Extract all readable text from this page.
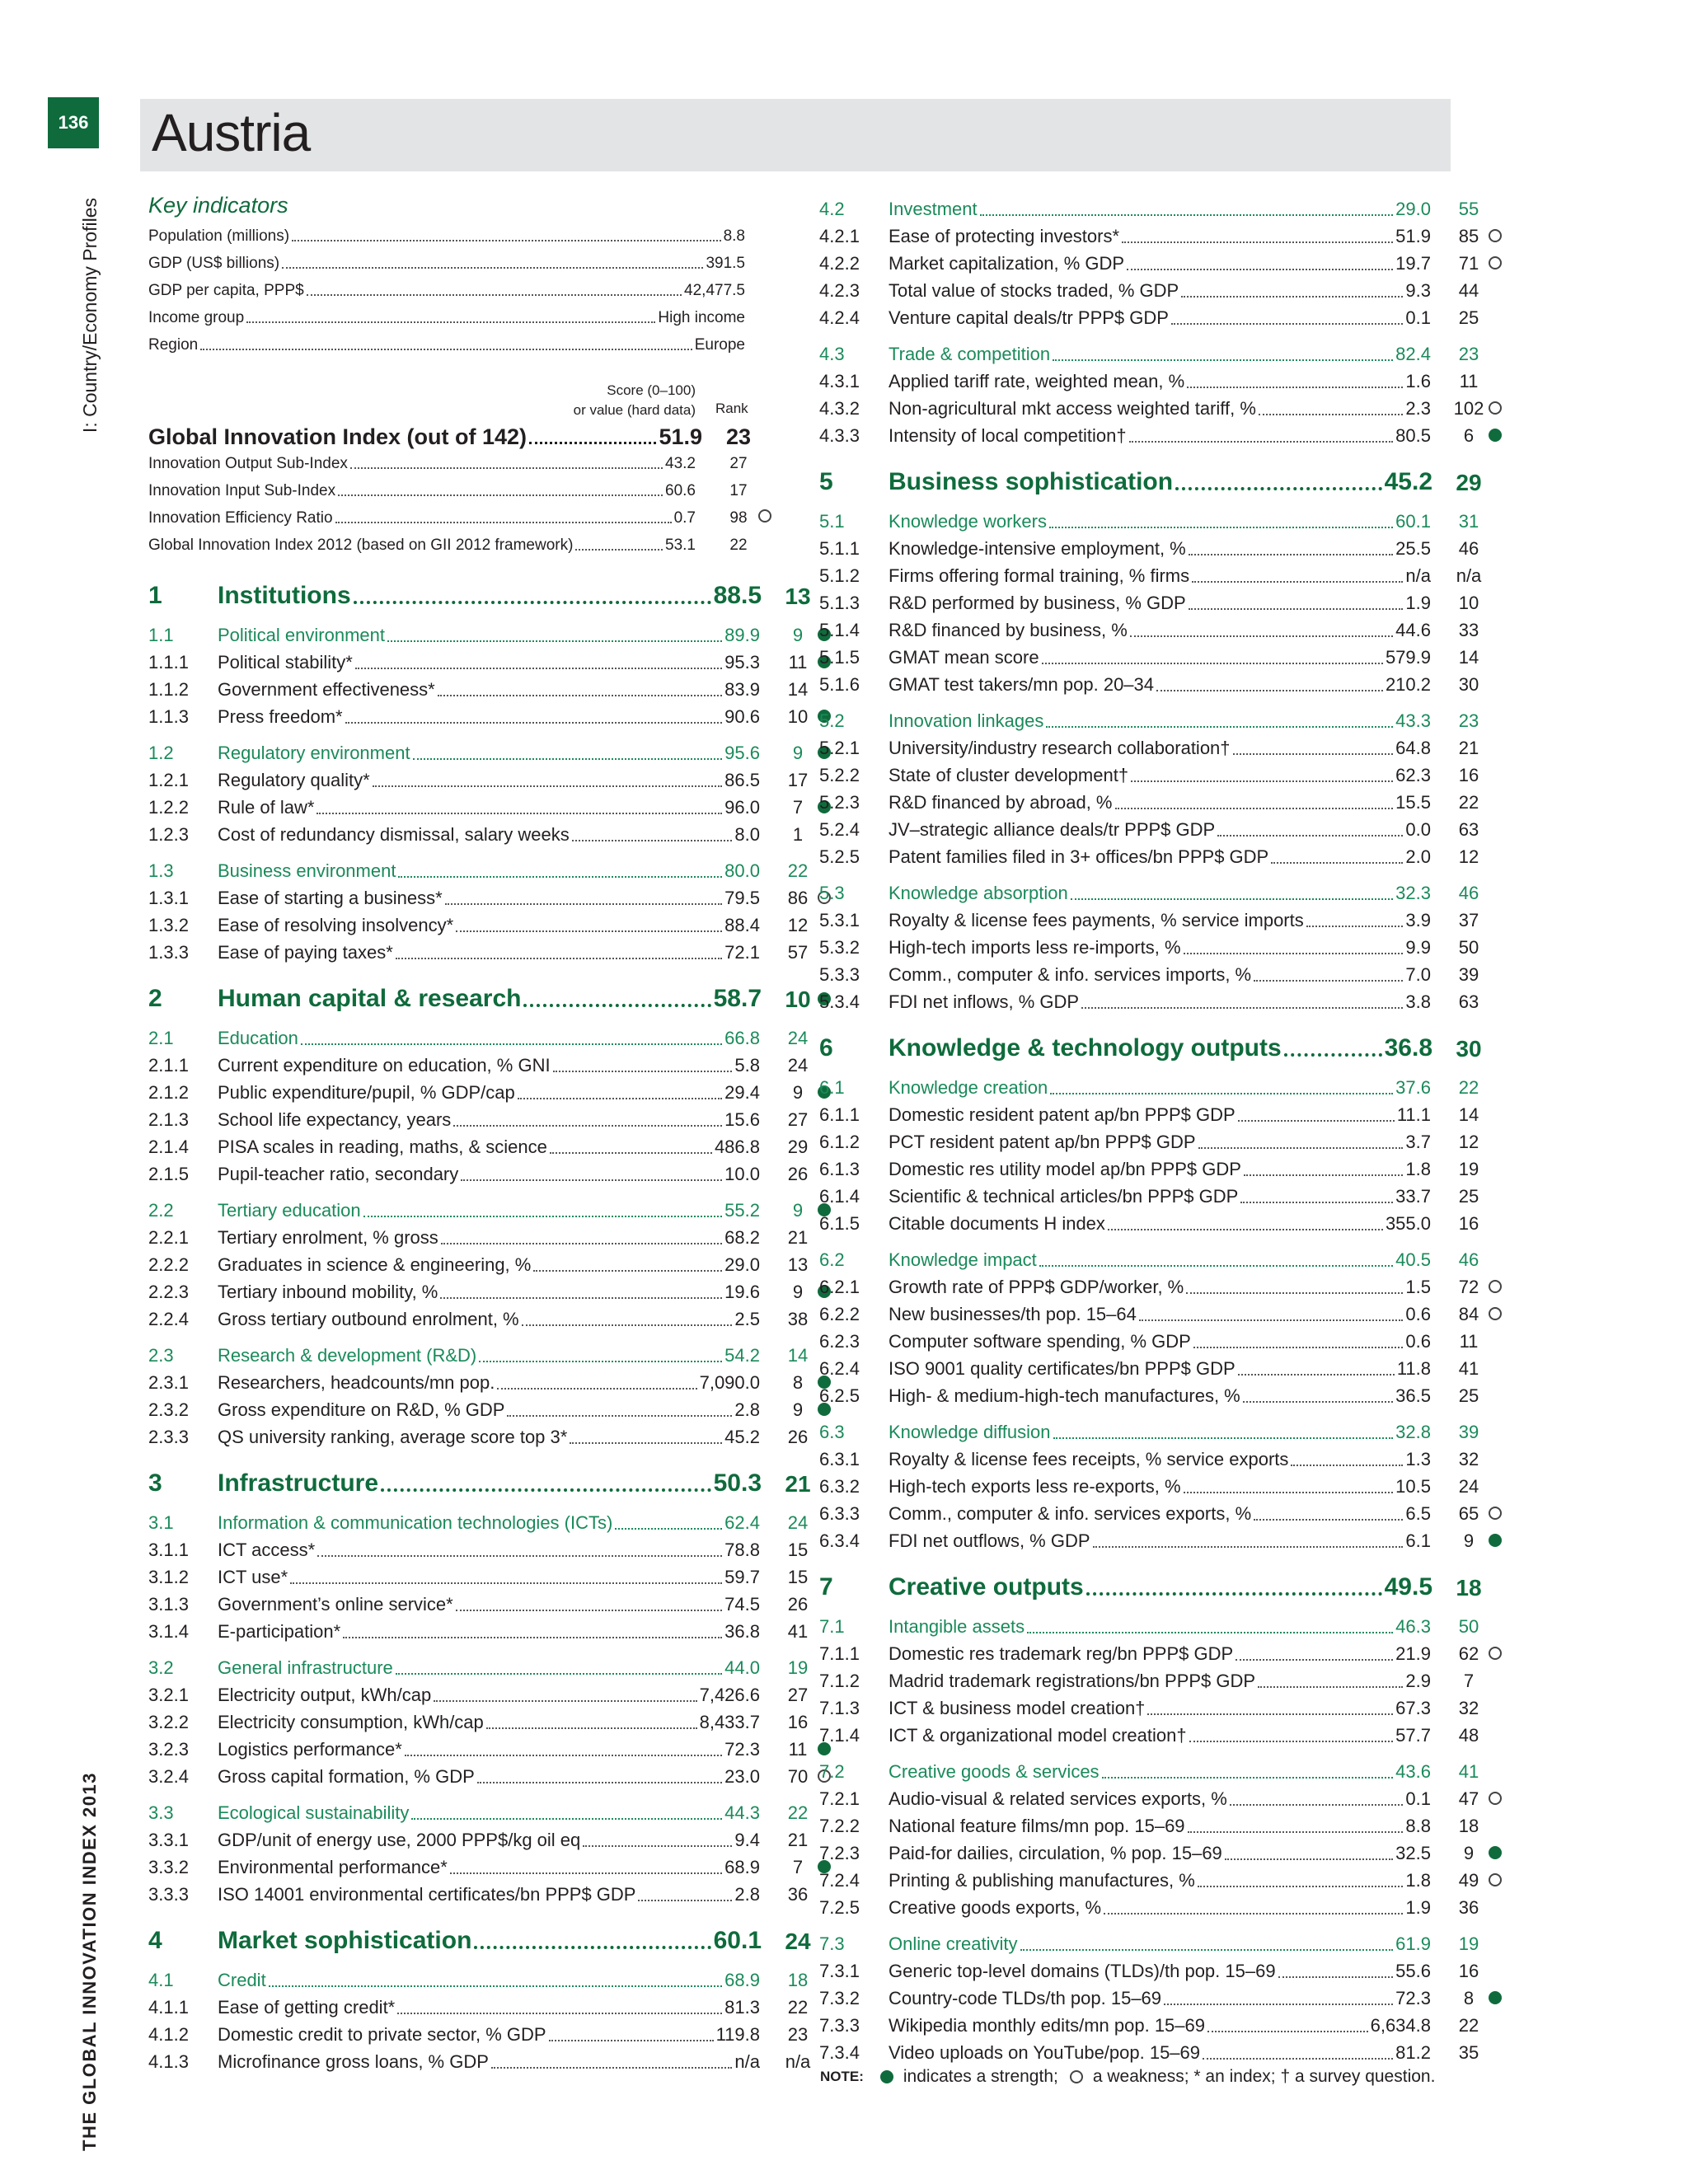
136 Austria
I: Country/Economy Profiles
THE GLOBAL INNOVATION INDEX 2013
Key indicators
Population (millions)	8.8
GDP (US$ billions)	391.5
GDP per capita, PPP$	42,477.5
Income group	High income
Region	Europe
Score (0–100)
or value (hard data) Rank
Global Innovation Index (out of 142)	51.9	23
Innovation Output Sub-Index	43.2	27
Innovation Input Sub-Index	60.6	17
Innovation Efficiency Ratio	0.7	98
Global Innovation Index 2012 (based on GII 2012 framework)	53.1	22
1 Institutions	88.5	13
1.1 Political environment	89.9	9
1.1.1 Political stability*	95.3	11
1.1.2 Government effectiveness*	83.9	14
1.1.3 Press freedom*	90.6	10
1.2 Regulatory environment	95.6	9
1.2.1 Regulatory quality*	86.5	17
1.2.2 Rule of law*	96.0	7
1.2.3 Cost of redundancy dismissal, salary weeks	8.0	1
1.3 Business environment	80.0	22
1.3.1 Ease of starting a business*	79.5	86
1.3.2 Ease of resolving insolvency*	88.4	12
1.3.3 Ease of paying taxes*	72.1	57
2 Human capital & research	58.7	10
2.1 Education	66.8	24
2.1.1 Current expenditure on education, % GNI	5.8	24
2.1.2 Public expenditure/pupil, % GDP/cap	29.4	9
2.1.3 School life expectancy, years	15.6	27
2.1.4 PISA scales in reading, maths, & science	486.8	29
2.1.5 Pupil-teacher ratio, secondary	10.0	26
2.2 Tertiary education	55.2	9
2.2.1 Tertiary enrolment, % gross	68.2	21
2.2.2 Graduates in science & engineering, %	29.0	13
2.2.3 Tertiary inbound mobility, %	19.6	9
2.2.4 Gross tertiary outbound enrolment, %	2.5	38
2.3 Research & development (R&D)	54.2	14
2.3.1 Researchers, headcounts/mn pop.	7,090.0	8
2.3.2 Gross expenditure on R&D, % GDP	2.8	9
2.3.3 QS university ranking, average score top 3*	45.2	26
3 Infrastructure	50.3	21
3.1 Information & communication technologies (ICTs)	62.4	24
3.1.1 ICT access*	78.8	15
3.1.2 ICT use*	59.7	15
3.1.3 Government’s online service*	74.5	26
3.1.4 E-participation*	36.8	41
3.2 General infrastructure	44.0	19
3.2.1 Electricity output, kWh/cap	7,426.6	27
3.2.2 Electricity consumption, kWh/cap	8,433.7	16
3.2.3 Logistics performance*	72.3	11
3.2.4 Gross capital formation, % GDP	23.0	70
3.3 Ecological sustainability	44.3	22
3.3.1 GDP/unit of energy use, 2000 PPP$/kg oil eq	9.4	21
3.3.2 Environmental performance*	68.9	7
3.3.3 ISO 14001 environmental certificates/bn PPP$ GDP	2.8	36
4 Market sophistication	60.1	24
4.1 Credit	68.9	18
4.1.1 Ease of getting credit*	81.3	22
4.1.2 Domestic credit to private sector, % GDP	119.8	23
4.1.3 Microfinance gross loans, % GDP	n/a	n/a
4.2 Investment	29.0	55
4.2.1 Ease of protecting investors*	51.9	85
4.2.2 Market capitalization, % GDP	19.7	71
4.2.3 Total value of stocks traded, % GDP	9.3	44
4.2.4 Venture capital deals/tr PPP$ GDP	0.1	25
4.3 Trade & competition	82.4	23
4.3.1 Applied tariff rate, weighted mean, %	1.6	11
4.3.2 Non-agricultural mkt access weighted tariff, %	2.3	102
4.3.3 Intensity of local competition†	80.5	6
5 Business sophistication	45.2	29
5.1 Knowledge workers	60.1	31
5.1.1 Knowledge-intensive employment, %	25.5	46
5.1.2 Firms offering formal training, % firms	n/a	n/a
5.1.3 R&D performed by business, % GDP	1.9	10
5.1.4 R&D financed by business, %	44.6	33
5.1.5 GMAT mean score	579.9	14
5.1.6 GMAT test takers/mn pop. 20–34	210.2	30
5.2 Innovation linkages	43.3	23
5.2.1 University/industry research collaboration†	64.8	21
5.2.2 State of cluster development†	62.3	16
5.2.3 R&D financed by abroad, %	15.5	22
5.2.4 JV–strategic alliance deals/tr PPP$ GDP	0.0	63
5.2.5 Patent families filed in 3+ offices/bn PPP$ GDP	2.0	12
5.3 Knowledge absorption	32.3	46
5.3.1 Royalty & license fees payments, % service imports	3.9	37
5.3.2 High-tech imports less re-imports, %	9.9	50
5.3.3 Comm., computer & info. services imports, %	7.0	39
5.3.4 FDI net inflows, % GDP	3.8	63
6 Knowledge & technology outputs	36.8	30
6.1 Knowledge creation	37.6	22
6.1.1 Domestic resident patent ap/bn PPP$ GDP	11.1	14
6.1.2 PCT resident patent ap/bn PPP$ GDP	3.7	12
6.1.3 Domestic res utility model ap/bn PPP$ GDP	1.8	19
6.1.4 Scientific & technical articles/bn PPP$ GDP	33.7	25
6.1.5 Citable documents H index	355.0	16
6.2 Knowledge impact	40.5	46
6.2.1 Growth rate of PPP$ GDP/worker, %	1.5	72
6.2.2 New businesses/th pop. 15–64	0.6	84
6.2.3 Computer software spending, % GDP	0.6	11
6.2.4 ISO 9001 quality certificates/bn PPP$ GDP	11.8	41
6.2.5 High- & medium-high-tech manufactures, %	36.5	25
6.3 Knowledge diffusion	32.8	39
6.3.1 Royalty & license fees receipts, % service exports	1.3	32
6.3.2 High-tech exports less re-exports, %	10.5	24
6.3.3 Comm., computer & info. services exports, %	6.5	65
6.3.4 FDI net outflows, % GDP	6.1	9
7 Creative outputs	49.5	18
7.1 Intangible assets	46.3	50
7.1.1 Domestic res trademark reg/bn PPP$ GDP	21.9	62
7.1.2 Madrid trademark registrations/bn PPP$ GDP	2.9	7
7.1.3 ICT & business model creation†	67.3	32
7.1.4 ICT & organizational model creation†	57.7	48
7.2 Creative goods & services	43.6	41
7.2.1 Audio-visual & related services exports, %	0.1	47
7.2.2 National feature films/mn pop. 15–69	8.8	18
7.2.3 Paid-for dailies, circulation, % pop. 15–69	32.5	9
7.2.4 Printing & publishing manufactures, %	1.8	49
7.2.5 Creative goods exports, %	1.9	36
7.3 Online creativity	61.9	19
7.3.1 Generic top-level domains (TLDs)/th pop. 15–69	55.6	16
7.3.2 Country-code TLDs/th pop. 15–69	72.3	8
7.3.3 Wikipedia monthly edits/mn pop. 15–69	6,634.8	22
7.3.4 Video uploads on YouTube/pop. 15–69	81.2	35
NOTE: indicates a strength; a weakness; * an index; † a survey question.
